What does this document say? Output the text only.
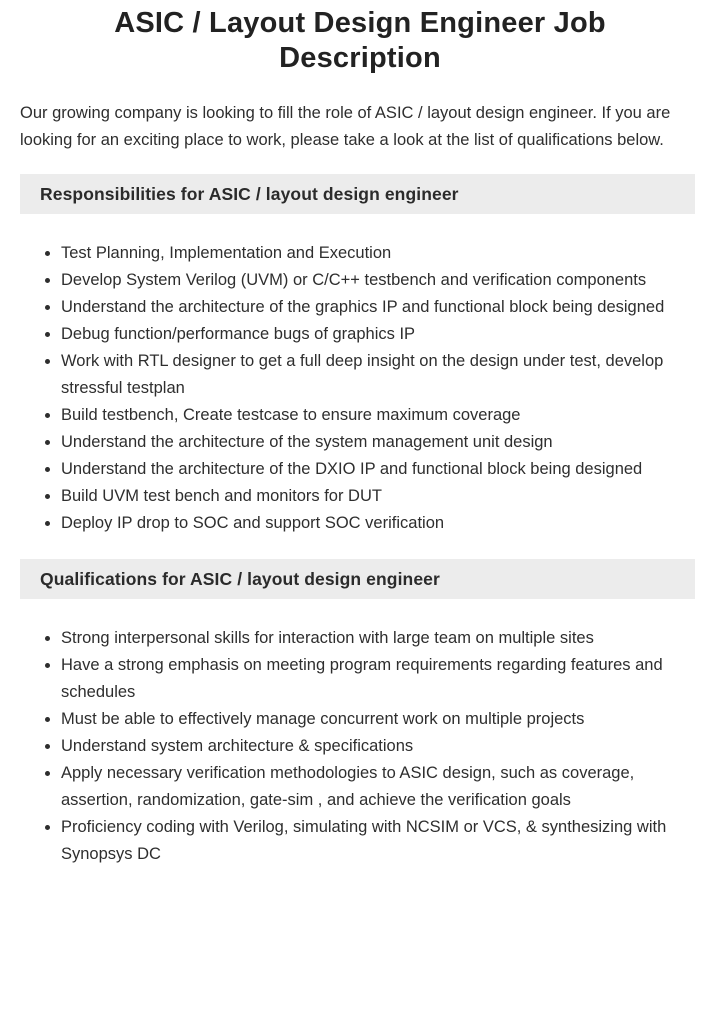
ASIC / Layout Design Engineer Job Description

Our growing company is looking to fill the role of ASIC / layout design engineer. If you are looking for an exciting place to work, please take a look at the list of qualifications below.

Responsibilities for ASIC / layout design engineer
Test Planning, Implementation and Execution
Develop System Verilog (UVM) or C/C++ testbench and verification components
Understand the architecture of the graphics IP and functional block being designed
Debug function/performance bugs of graphics IP
Work with RTL designer to get a full deep insight on the design under test, develop stressful testplan
Build testbench, Create testcase to ensure maximum coverage
Understand the architecture of the system management unit design
Understand the architecture of the DXIO IP and functional block being designed
Build UVM test bench and monitors for DUT
Deploy IP drop to SOC and support SOC verification
Qualifications for ASIC / layout design engineer
Strong interpersonal skills for interaction with large team on multiple sites
Have a strong emphasis on meeting program requirements regarding features and schedules
Must be able to effectively manage concurrent work on multiple projects
Understand system architecture & specifications
Apply necessary verification methodologies to ASIC design, such as coverage, assertion, randomization, gate-sim , and achieve the verification goals
Proficiency coding with Verilog, simulating with NCSIM or VCS, & synthesizing with Synopsys DC
